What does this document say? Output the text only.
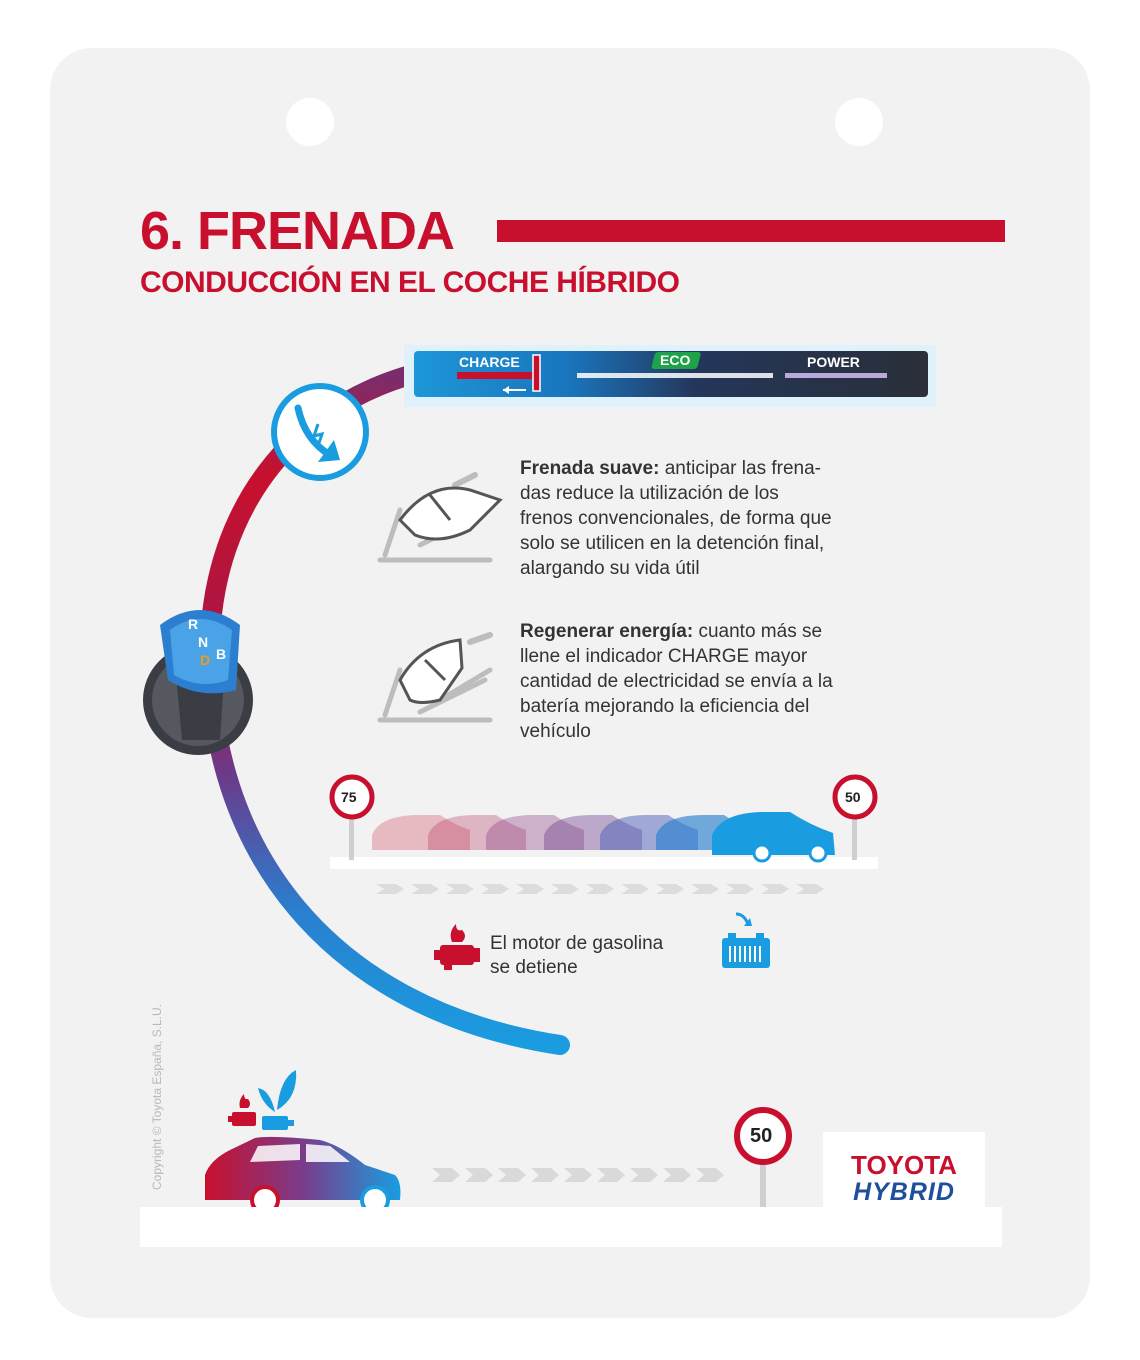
6. FRENADA
CONDUCCIÓN EN EL COCHE HÍBRIDO
CHARGE	ECO	POWER
R
N
D B
Frenada suave: anticipar las frena-
das reduce la utilización de los
frenos convencionales, de forma que
solo se utilicen en la detención final,
alargando su vida útil
Regenerar energía: cuanto más se
llene el indicador CHARGE mayor
cantidad de electricidad se envía a la
batería mejorando la eficiencia del
vehículo
75	50
50
El motor de gasolina
se detiene
Copyright © Toyota España, S.L.U.	TOYOTA
HYBRID
